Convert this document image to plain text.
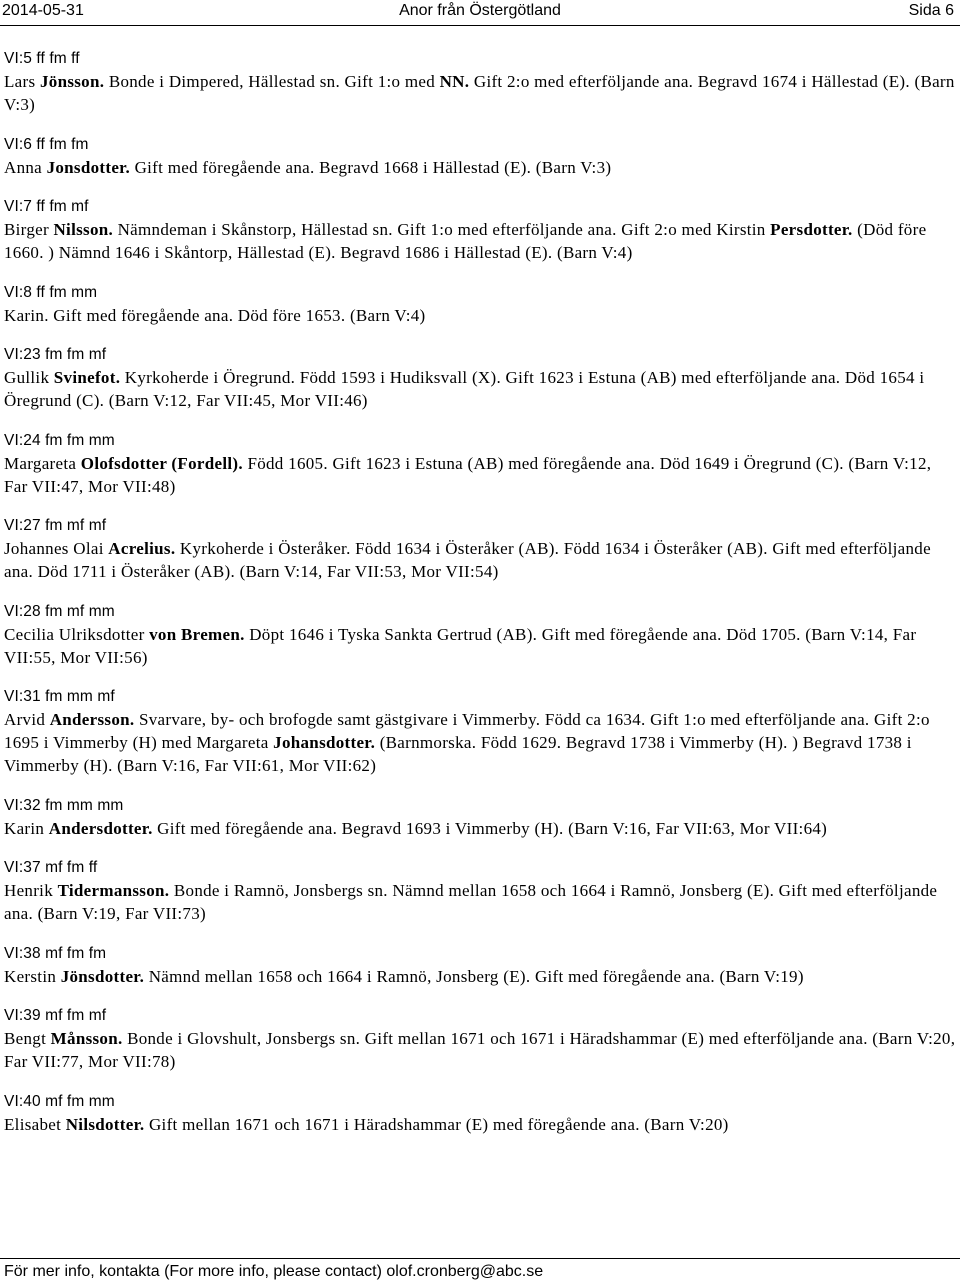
2014-05-31	Anor från Östergötland	Sida 6
VI:5 ff fm ff
Lars Jönsson. Bonde i Dimpered, Hällestad sn. Gift 1:o med NN. Gift 2:o med efterföljande ana. Begravd 1674 i Hällestad (E). (Barn V:3)
VI:6 ff fm fm
Anna Jonsdotter. Gift med föregående ana. Begravd 1668 i Hällestad (E). (Barn V:3)
VI:7 ff fm mf
Birger Nilsson. Nämndeman i Skånstorp, Hällestad sn. Gift 1:o med efterföljande ana. Gift 2:o med Kirstin Persdotter. (Död före 1660. ) Nämnd 1646 i Skåntorp, Hällestad (E). Begravd 1686 i Hällestad (E). (Barn V:4)
VI:8 ff fm mm
Karin. Gift med föregående ana. Död före 1653. (Barn V:4)
VI:23 fm fm mf
Gullik Svinefot. Kyrkoherde i Öregrund. Född 1593 i Hudiksvall (X). Gift 1623 i Estuna (AB) med efterföljande ana. Död 1654 i Öregrund (C). (Barn V:12, Far VII:45, Mor VII:46)
VI:24 fm fm mm
Margareta Olofsdotter (Fordell). Född 1605. Gift 1623 i Estuna (AB) med föregående ana. Död 1649 i Öregrund (C). (Barn V:12, Far VII:47, Mor VII:48)
VI:27 fm mf mf
Johannes Olai Acrelius. Kyrkoherde i Österåker. Född 1634 i Österåker (AB). Född 1634 i Österåker (AB). Gift med efterföljande ana. Död 1711 i Österåker (AB). (Barn V:14, Far VII:53, Mor VII:54)
VI:28 fm mf mm
Cecilia Ulriksdotter von Bremen. Döpt 1646 i Tyska Sankta Gertrud (AB). Gift med föregående ana. Död 1705. (Barn V:14, Far VII:55, Mor VII:56)
VI:31 fm mm mf
Arvid Andersson. Svarvare, by- och brofogde samt gästgivare i Vimmerby. Född ca 1634. Gift 1:o med efterföljande ana. Gift 2:o 1695 i Vimmerby (H) med Margareta Johansdotter. (Barnmorska. Född 1629. Begravd 1738 i Vimmerby (H). ) Begravd 1738 i Vimmerby (H). (Barn V:16, Far VII:61, Mor VII:62)
VI:32 fm mm mm
Karin Andersdotter. Gift med föregående ana. Begravd 1693 i Vimmerby (H). (Barn V:16, Far VII:63, Mor VII:64)
VI:37 mf fm ff
Henrik Tidermansson. Bonde i Ramnö, Jonsbergs sn. Nämnd mellan 1658 och 1664 i Ramnö, Jonsberg (E). Gift med efterföljande ana. (Barn V:19, Far VII:73)
VI:38 mf fm fm
Kerstin Jönsdotter. Nämnd mellan 1658 och 1664 i Ramnö, Jonsberg (E). Gift med föregående ana. (Barn V:19)
VI:39 mf fm mf
Bengt Månsson. Bonde i Glovshult, Jonsbergs sn. Gift mellan 1671 och 1671 i Häradshammar (E) med efterföljande ana. (Barn V:20, Far VII:77, Mor VII:78)
VI:40 mf fm mm
Elisabet Nilsdotter. Gift mellan 1671 och 1671 i Häradshammar (E) med föregående ana. (Barn V:20)
För mer info, kontakta (For more info, please contact) olof.cronberg@abc.se
